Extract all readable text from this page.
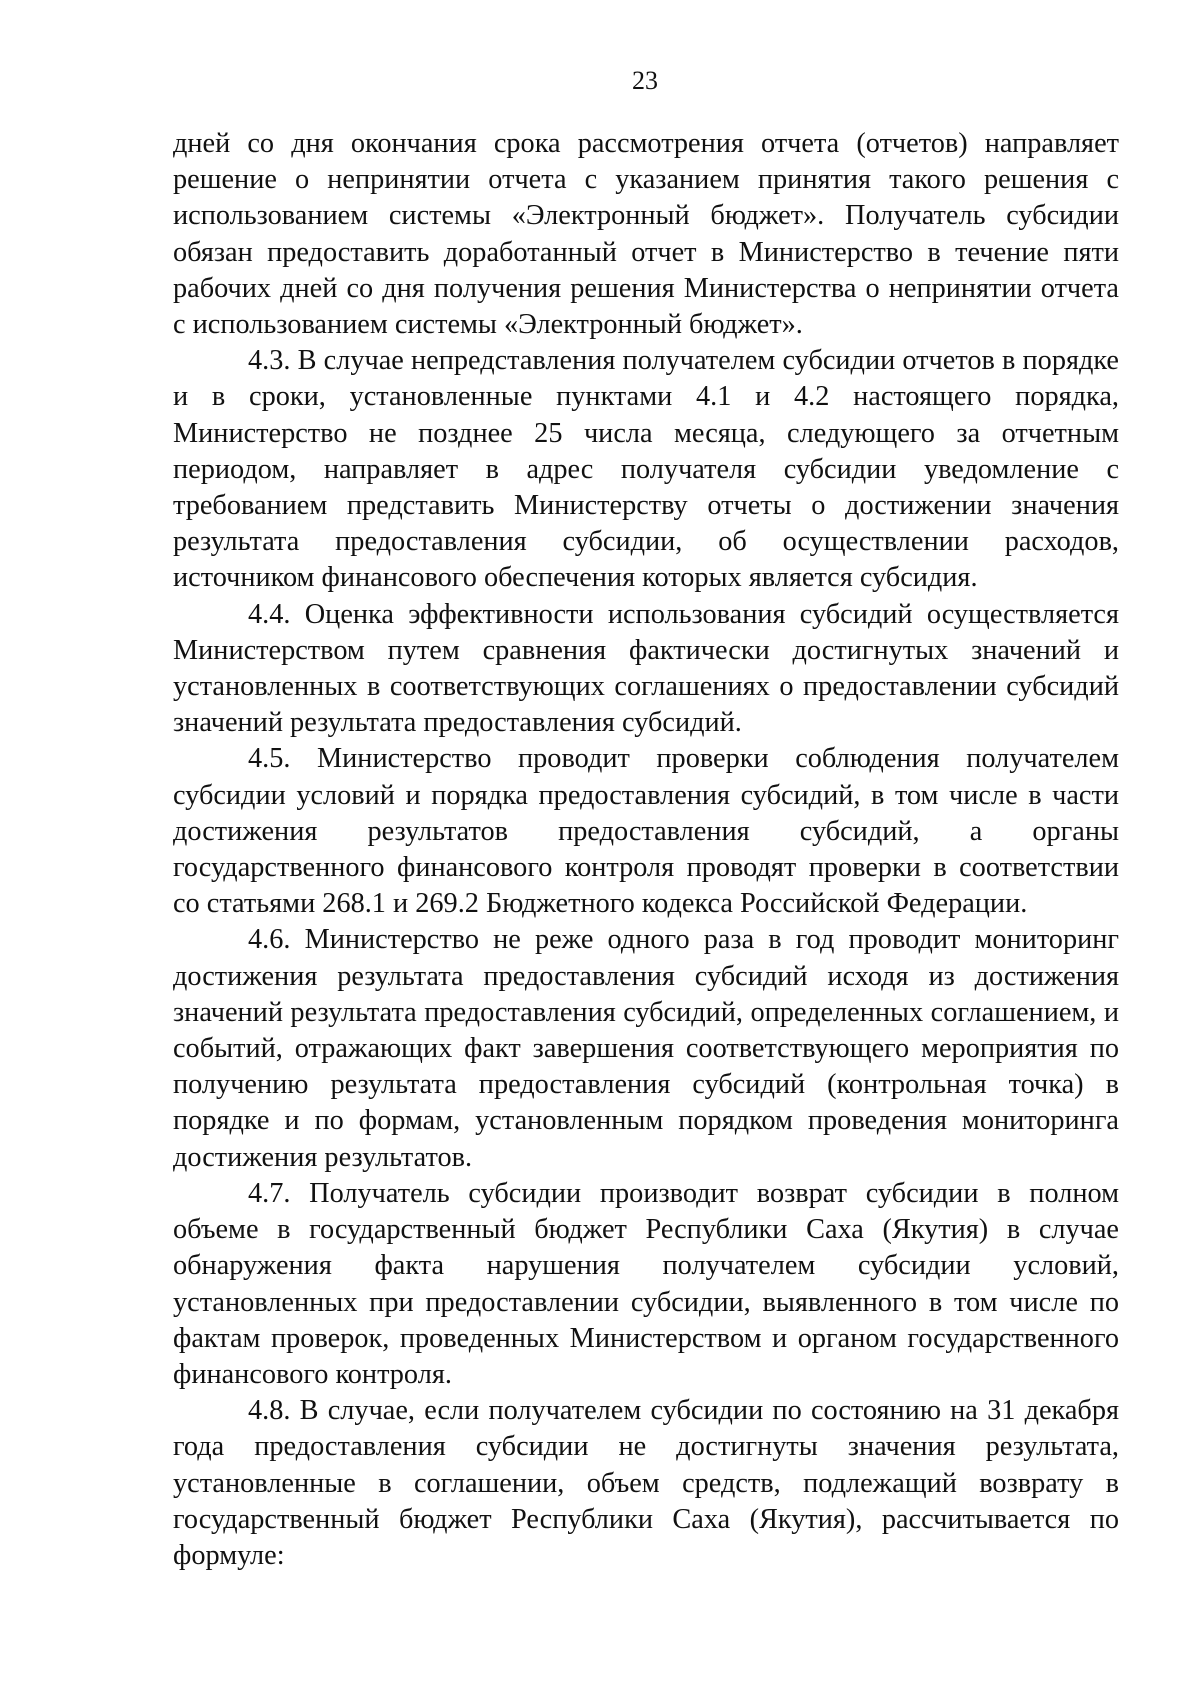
23

дней со дня окончания срока рассмотрения отчета (отчетов) направляет решение о непринятии отчета с указанием принятия такого решения с использованием системы «Электронный бюджет». Получатель субсидии обязан предоставить доработанный отчет в Министерство в течение пяти рабочих дней со дня получения решения Министерства о непринятии отчета с использованием системы «Электронный бюджет».

4.3. В случае непредставления получателем субсидии отчетов в порядке и в сроки, установленные пунктами 4.1 и 4.2 настоящего порядка, Министерство не позднее 25 числа месяца, следующего за отчетным периодом, направляет в адрес получателя субсидии уведомление с требованием представить Министерству отчеты о достижении значения результата предоставления субсидии, об осуществлении расходов, источником финансового обеспечения которых является субсидия.

4.4. Оценка эффективности использования субсидий осуществляется Министерством путем сравнения фактически достигнутых значений и установленных в соответствующих соглашениях о предоставлении субсидий значений результата предоставления субсидий.

4.5. Министерство проводит проверки соблюдения получателем субсидии условий и порядка предоставления субсидий, в том числе в части достижения результатов предоставления субсидий, а органы государственного финансового контроля проводят проверки в соответствии со статьями 268.1 и 269.2 Бюджетного кодекса Российской Федерации.

4.6. Министерство не реже одного раза в год проводит мониторинг достижения результата предоставления субсидий исходя из достижения значений результата предоставления субсидий, определенных соглашением, и событий, отражающих факт завершения соответствующего мероприятия по получению результата предоставления субсидий (контрольная точка) в порядке и по формам, установленным порядком проведения мониторинга достижения результатов.

4.7. Получатель субсидии производит возврат субсидии в полном объеме в государственный бюджет Республики Саха (Якутия) в случае обнаружения факта нарушения получателем субсидии условий, установленных при предоставлении субсидии, выявленного в том числе по фактам проверок, проведенных Министерством и органом государственного финансового контроля.

4.8. В случае, если получателем субсидии по состоянию на 31 декабря года предоставления субсидии не достигнуты значения результата, установленные в соглашении, объем средств, подлежащий возврату в государственный бюджет Республики Саха (Якутия), рассчитывается по формуле:
